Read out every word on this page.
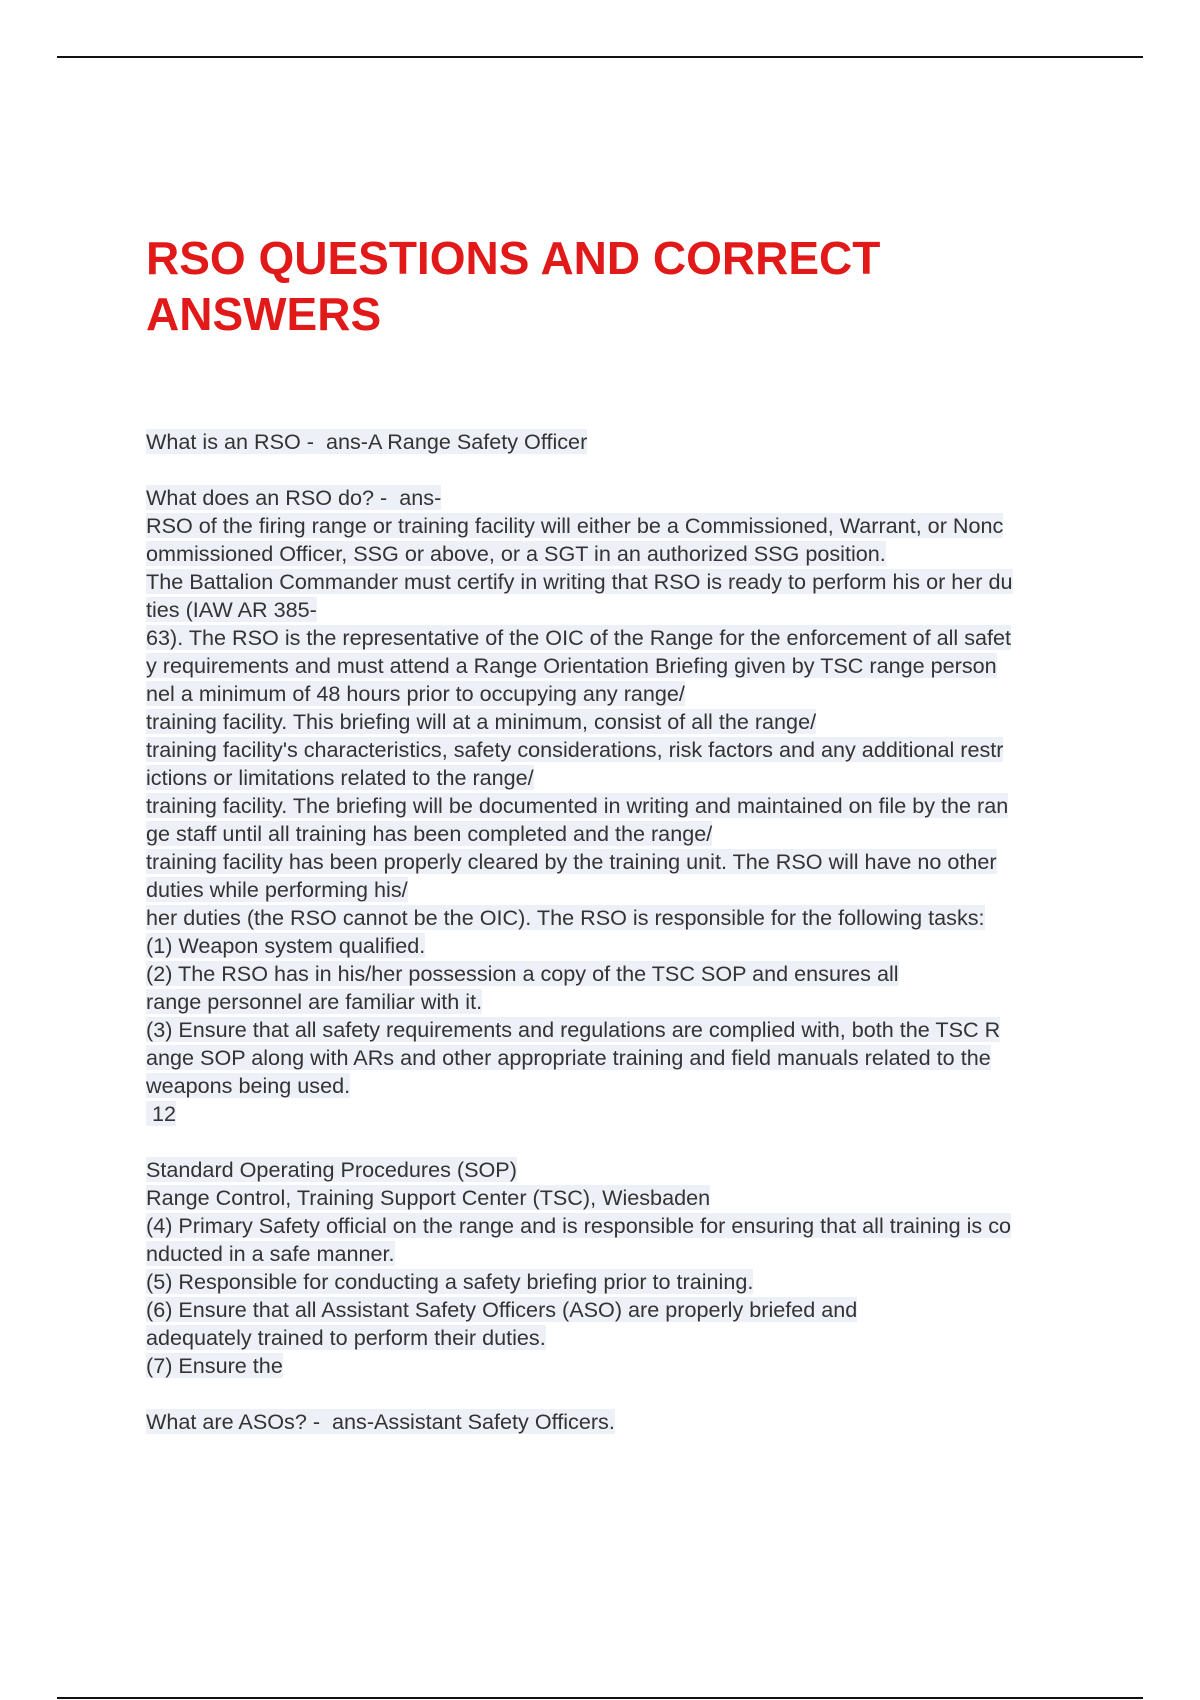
RSO QUESTIONS AND CORRECT
ANSWERS
What is an RSO -  ans-A Range Safety Officer
What does an RSO do? -  ans-
RSO of the firing range or training facility will either be a Commissioned, Warrant, or Nonc
ommissioned Officer, SSG or above, or a SGT in an authorized SSG position.
The Battalion Commander must certify in writing that RSO is ready to perform his or her du
ties (IAW AR 385-
63). The RSO is the representative of the OIC of the Range for the enforcement of all safet
y requirements and must attend a Range Orientation Briefing given by TSC range person
nel a minimum of 48 hours prior to occupying any range/
training facility. This briefing will at a minimum, consist of all the range/
training facility's characteristics, safety considerations, risk factors and any additional restr
ictions or limitations related to the range/
training facility. The briefing will be documented in writing and maintained on file by the ran
ge staff until all training has been completed and the range/
training facility has been properly cleared by the training unit. The RSO will have no other
duties while performing his/
her duties (the RSO cannot be the OIC). The RSO is responsible for the following tasks:
(1) Weapon system qualified.
(2) The RSO has in his/her possession a copy of the TSC SOP and ensures all
range personnel are familiar with it.
(3) Ensure that all safety requirements and regulations are complied with, both the TSC R
ange SOP along with ARs and other appropriate training and field manuals related to the
weapons being used.
12
Standard Operating Procedures (SOP)
Range Control, Training Support Center (TSC), Wiesbaden
(4) Primary Safety official on the range and is responsible for ensuring that all training is co
nducted in a safe manner.
(5) Responsible for conducting a safety briefing prior to training.
(6) Ensure that all Assistant Safety Officers (ASO) are properly briefed and
adequately trained to perform their duties.
(7) Ensure the
What are ASOs? -  ans-Assistant Safety Officers.
